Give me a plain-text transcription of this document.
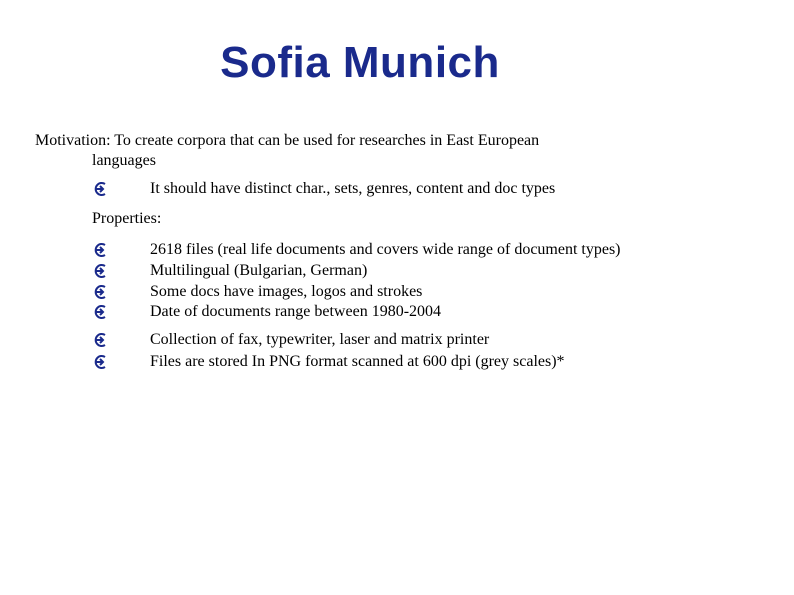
Sofia Munich
Motivation: To create corpora that can be used for researches in East European
languages
It should have distinct char., sets, genres, content and doc types
Properties:
2618 files (real life documents and covers wide range of document types)
Multilingual (Bulgarian, German)
Some docs have images, logos and strokes
Date of documents range between 1980-2004
Collection of fax, typewriter, laser and matrix printer
Files are stored In PNG format scanned at 600 dpi (grey scales)*
